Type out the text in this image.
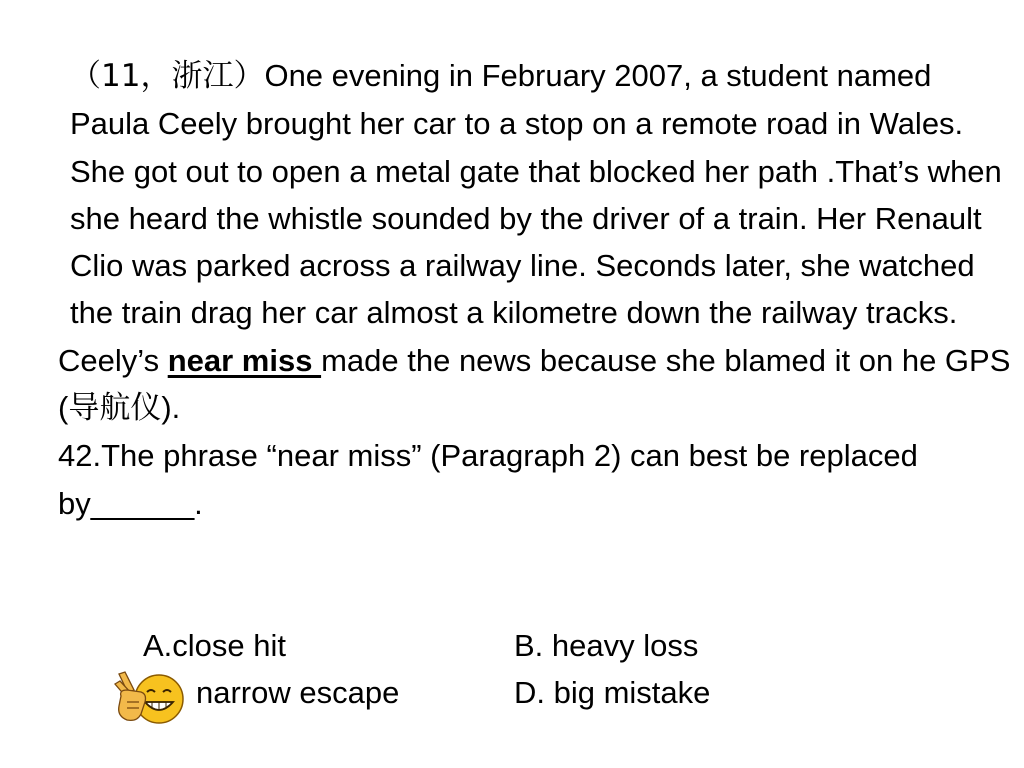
（11，浙江）One evening in February 2007, a student named Paula Ceely brought her car to a stop on a remote road in Wales. She got out to open a metal gate that blocked her path .That’s when she heard the whistle sounded by the driver of a train. Her Renault Clio was parked across a railway line. Seconds later, she watched the train drag her car almost a kilometre down the railway tracks.

Ceely’s near miss made the news because she blamed it on he GPS (导航仪).

42.The phrase “near miss” (Paragraph 2) can best be replaced by______.

A.close hit	B. heavy loss
narrow escape	D. big mistake
